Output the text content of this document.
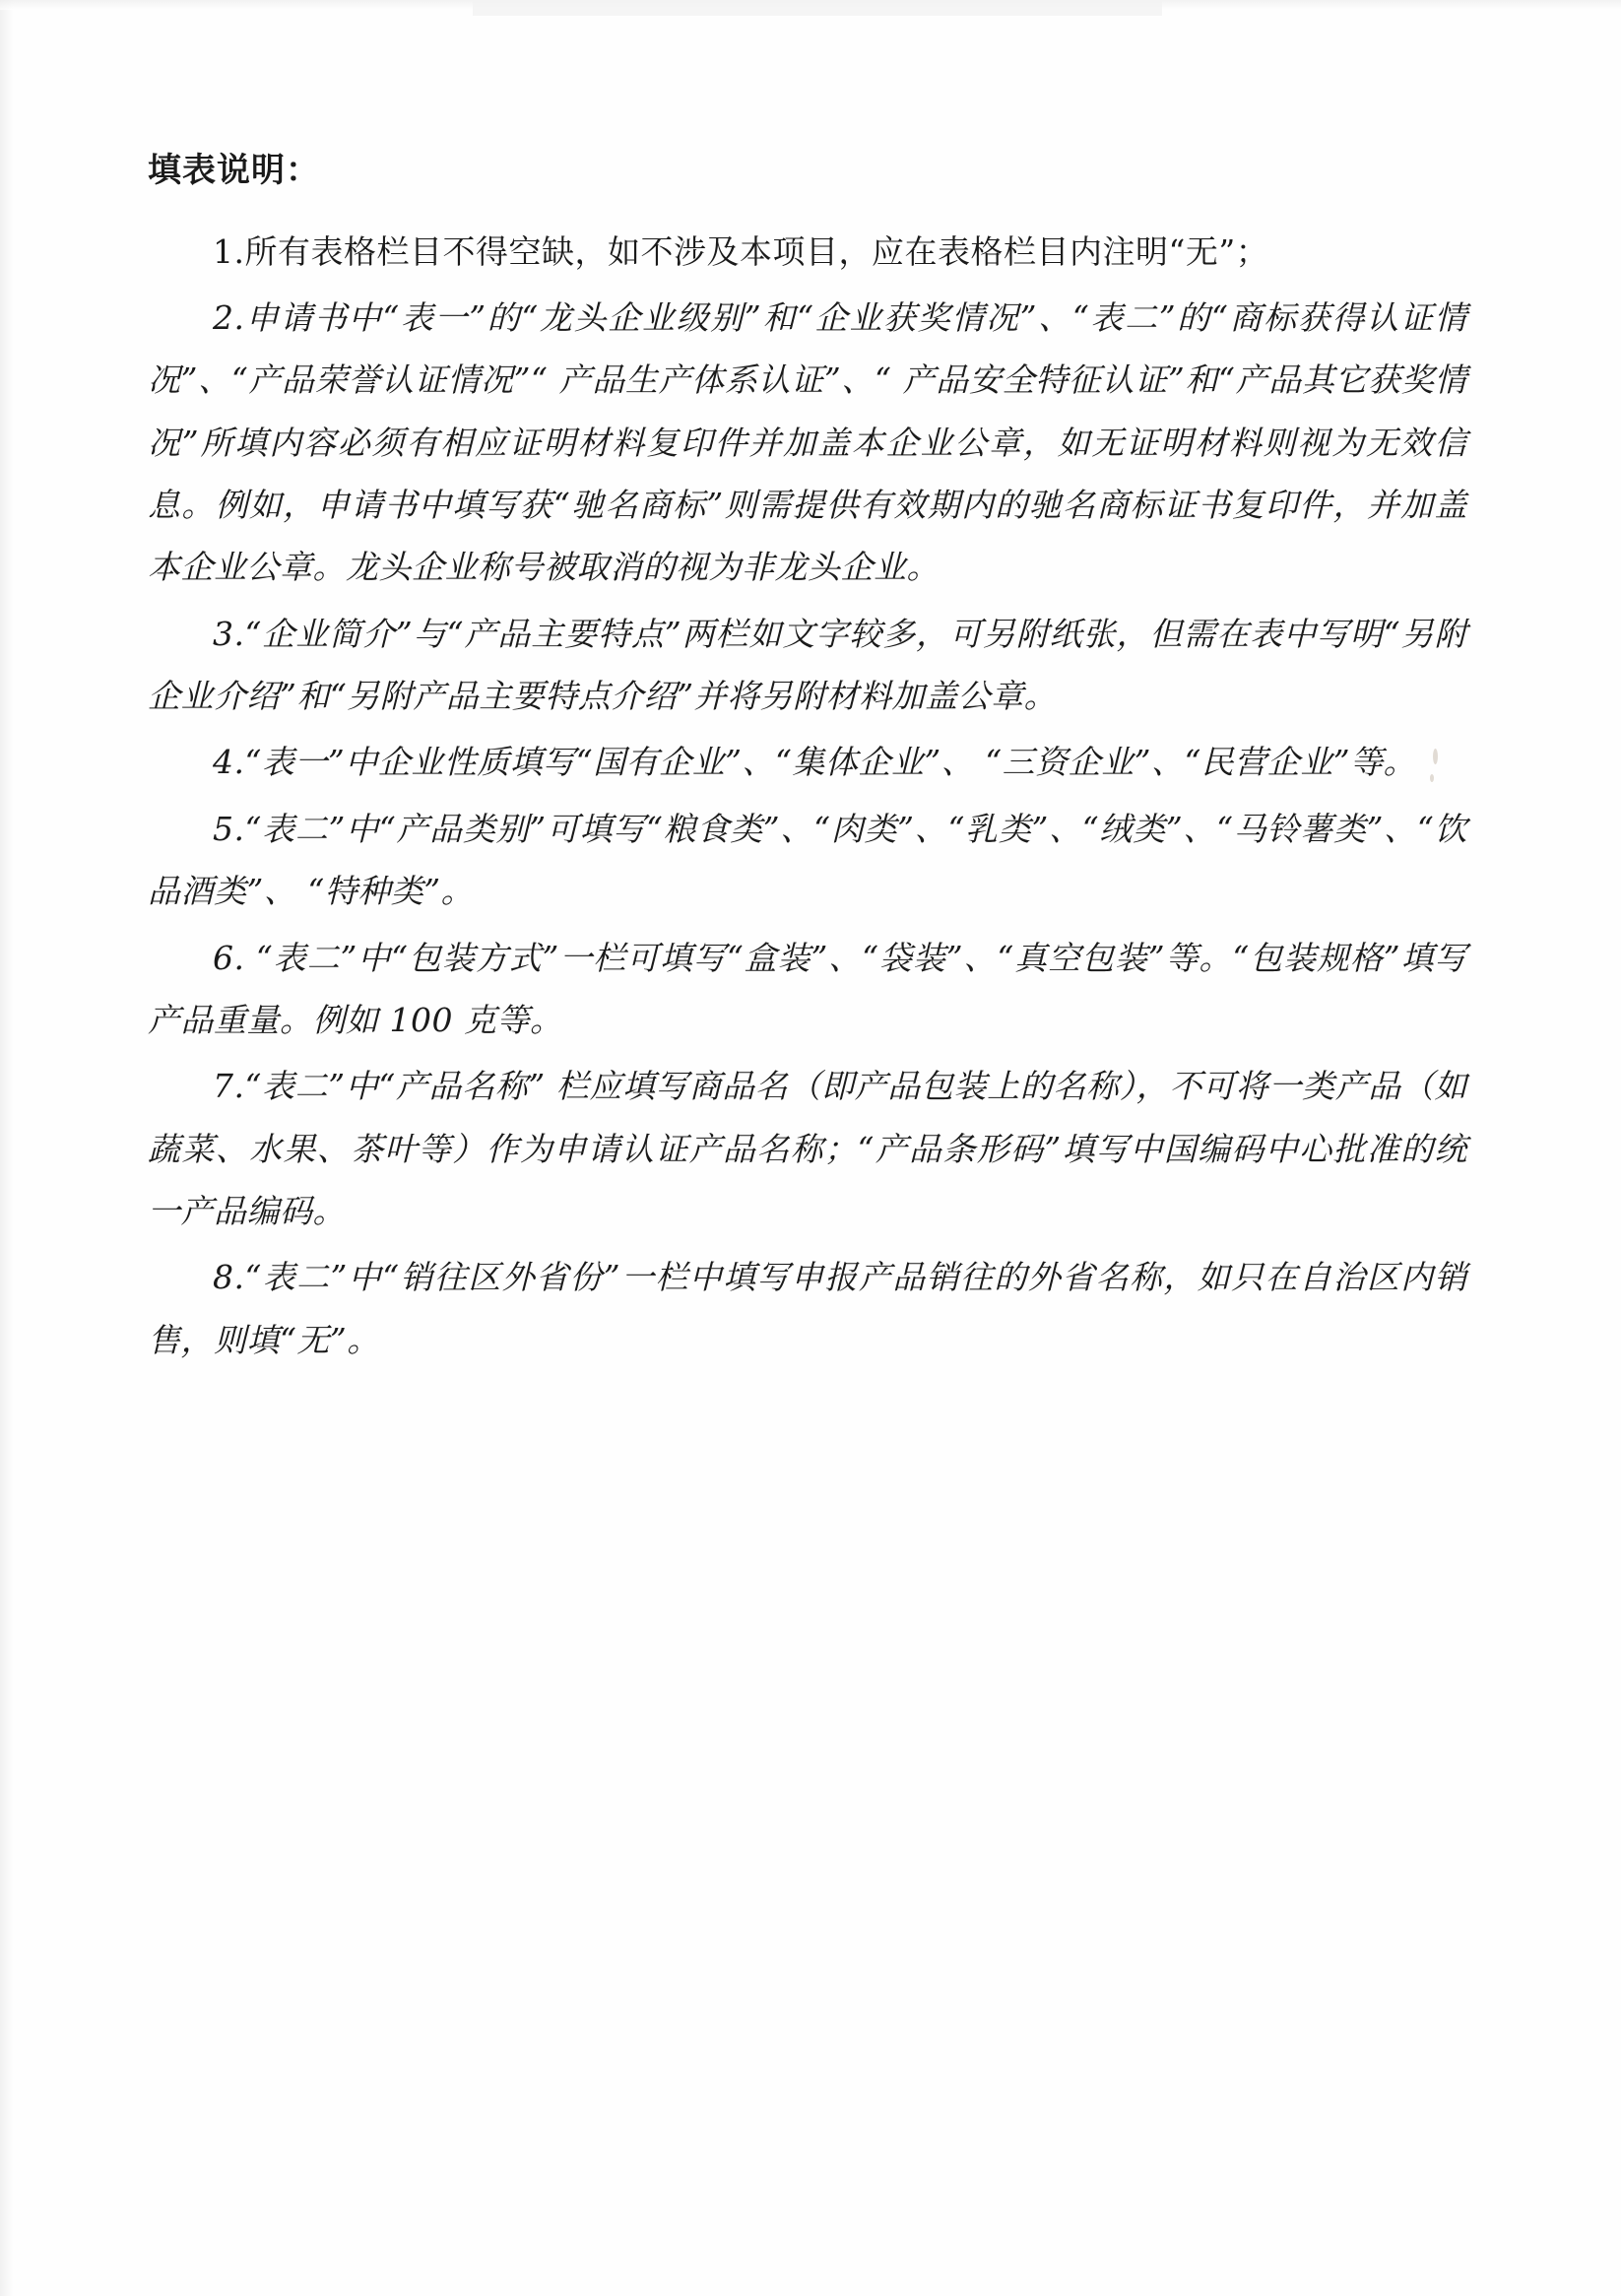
填表说明：

1.所有表格栏目不得空缺，如不涉及本项目，应在表格栏目内注明“无”；

2.申请书中“表一”的“龙头企业级别”和“企业获奖情况”、“表二”的“商标获得认证情况”、“产品荣誉认证情况”“ 产品生产体系认证”、“ 产品安全特征认证”和“产品其它获奖情况”所填内容必须有相应证明材料复印件并加盖本企业公章，如无证明材料则视为无效信息。例如，申请书中填写获“驰名商标”则需提供有效期内的驰名商标证书复印件，并加盖本企业公章。龙头企业称号被取消的视为非龙头企业。

3.“企业简介”与“产品主要特点”两栏如文字较多，可另附纸张，但需在表中写明“另附企业介绍”和“另附产品主要特点介绍”并将另附材料加盖公章。

4.“表一”中企业性质填写“国有企业”、“集体企业”、 “三资企业”、“民营企业”等。

5.“表二”中“产品类别”可填写“粮食类”、“肉类”、“乳类”、“绒类”、“马铃薯类”、“饮品酒类”、 “特种类”。

6. “表二”中“包装方式”一栏可填写“盒装”、“袋装”、“真空包装”等。“包装规格”填写产品重量。例如 100 克等。

7.“表二”中“产品名称” 栏应填写商品名（即产品包装上的名称），不可将一类产品（如蔬菜、水果、茶叶等）作为申请认证产品名称；“产品条形码”填写中国编码中心批准的统一产品编码。

8.“表二”中“销往区外省份”一栏中填写申报产品销往的外省名称，如只在自治区内销售，则填“无”。
